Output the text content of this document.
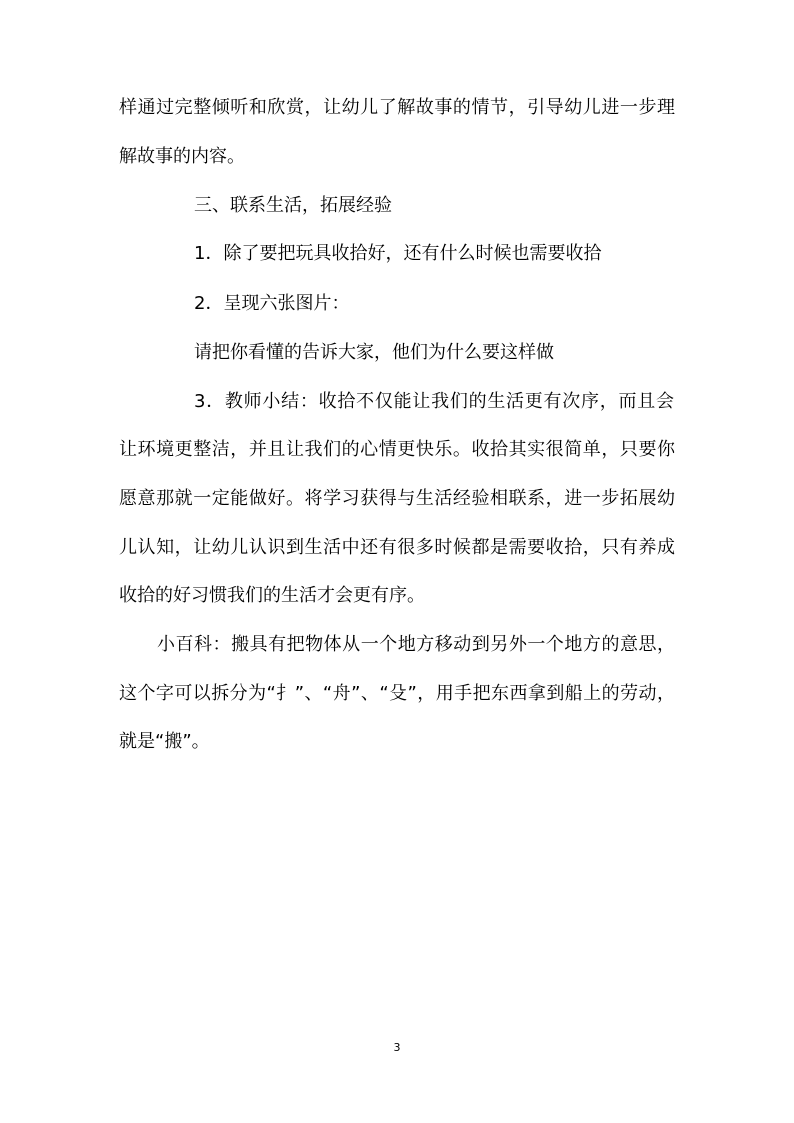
样通过完整倾听和欣赏，让幼儿了解故事的情节，引导幼儿进一步理

解故事的内容。

三、联系生活，拓展经验

1．除了要把玩具收拾好，还有什么时候也需要收拾

2．呈现六张图片：

请把你看懂的告诉大家，他们为什么要这样做

3．教师小结：收拾不仅能让我们的生活更有次序，而且会

让环境更整洁，并且让我们的心情更快乐。收拾其实很简单，只要你

愿意那就一定能做好。将学习获得与生活经验相联系，进一步拓展幼

儿认知，让幼儿认识到生活中还有很多时候都是需要收拾，只有养成

收拾的好习惯我们的生活才会更有序。

小百科：搬具有把物体从一个地方移动到另外一个地方的意思，

这个字可以拆分为“扌”、“舟”、“殳”，用手把东西拿到船上的劳动，

就是“搬”。

3
